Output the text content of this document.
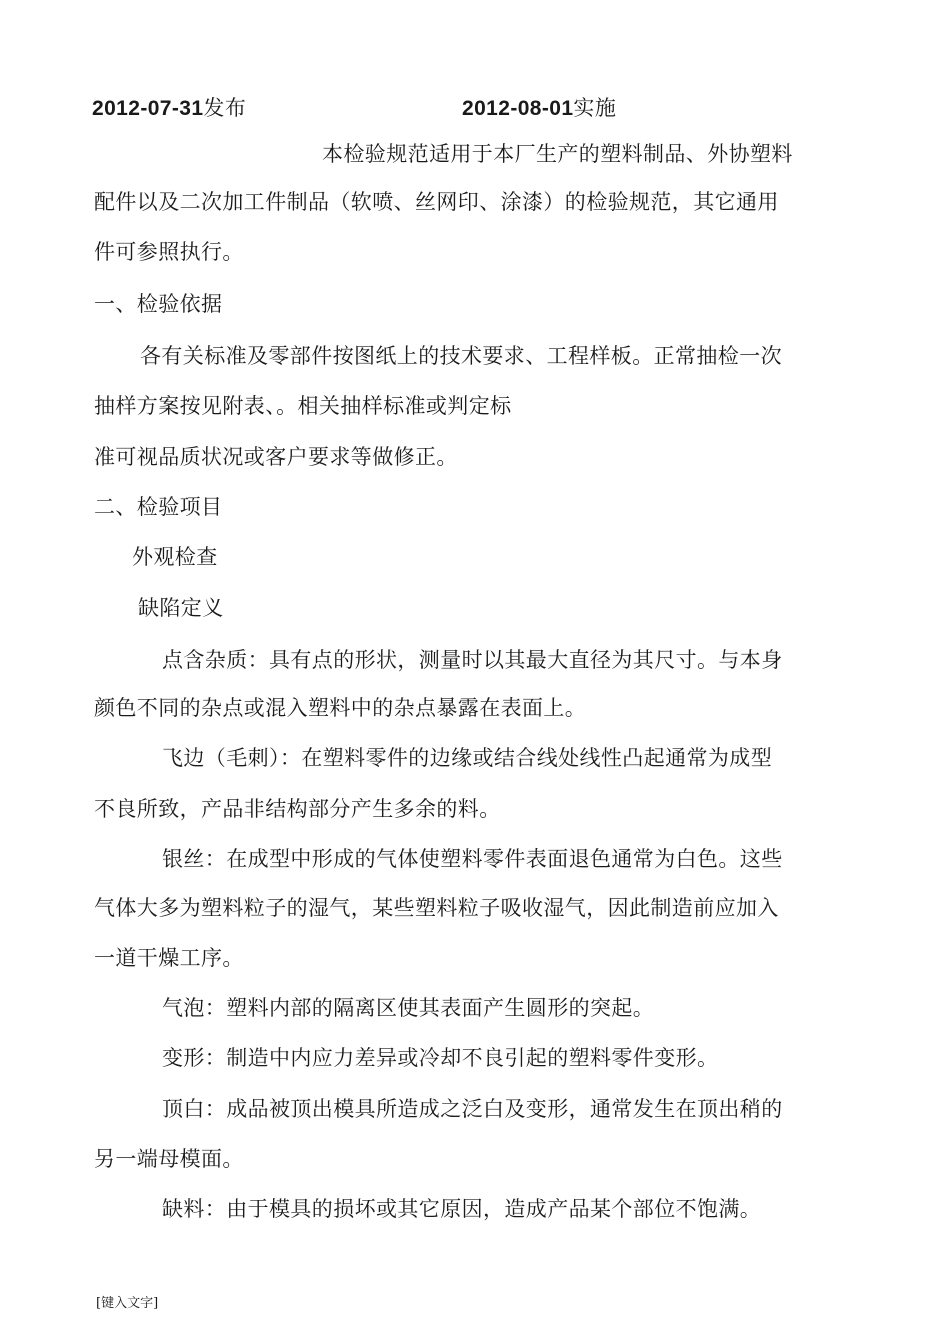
2012-07-31发布	2012-08-01实施
本检验规范适用于本厂生产的塑料制品、外协塑料
配件以及二次加工件制品（软喷、丝网印、涂漆）的检验规范，其它通用
件可参照执行。
一、检验依据
各有关标准及零部件按图纸上的技术要求、工程样板。正常抽检一次
抽样方案按见附表、。相关抽样标准或判定标
准可视品质状况或客户要求等做修正。
二、检验项目
外观检查
缺陷定义
点含杂质：具有点的形状，测量时以其最大直径为其尺寸。与本身
颜色不同的杂点或混入塑料中的杂点暴露在表面上。
飞边（毛刺）：在塑料零件的边缘或结合线处线性凸起通常为成型
不良所致，产品非结构部分产生多余的料。
银丝：在成型中形成的气体使塑料零件表面退色通常为白色。这些
气体大多为塑料粒子的湿气，某些塑料粒子吸收湿气，因此制造前应加入
一道干燥工序。
气泡：塑料内部的隔离区使其表面产生圆形的突起。
变形：制造中内应力差异或冷却不良引起的塑料零件变形。
顶白：成品被顶出模具所造成之泛白及变形，通常发生在顶出稍的
另一端母模面。
缺料：由于模具的损坏或其它原因，造成产品某个部位不饱满。
[键入文字]
